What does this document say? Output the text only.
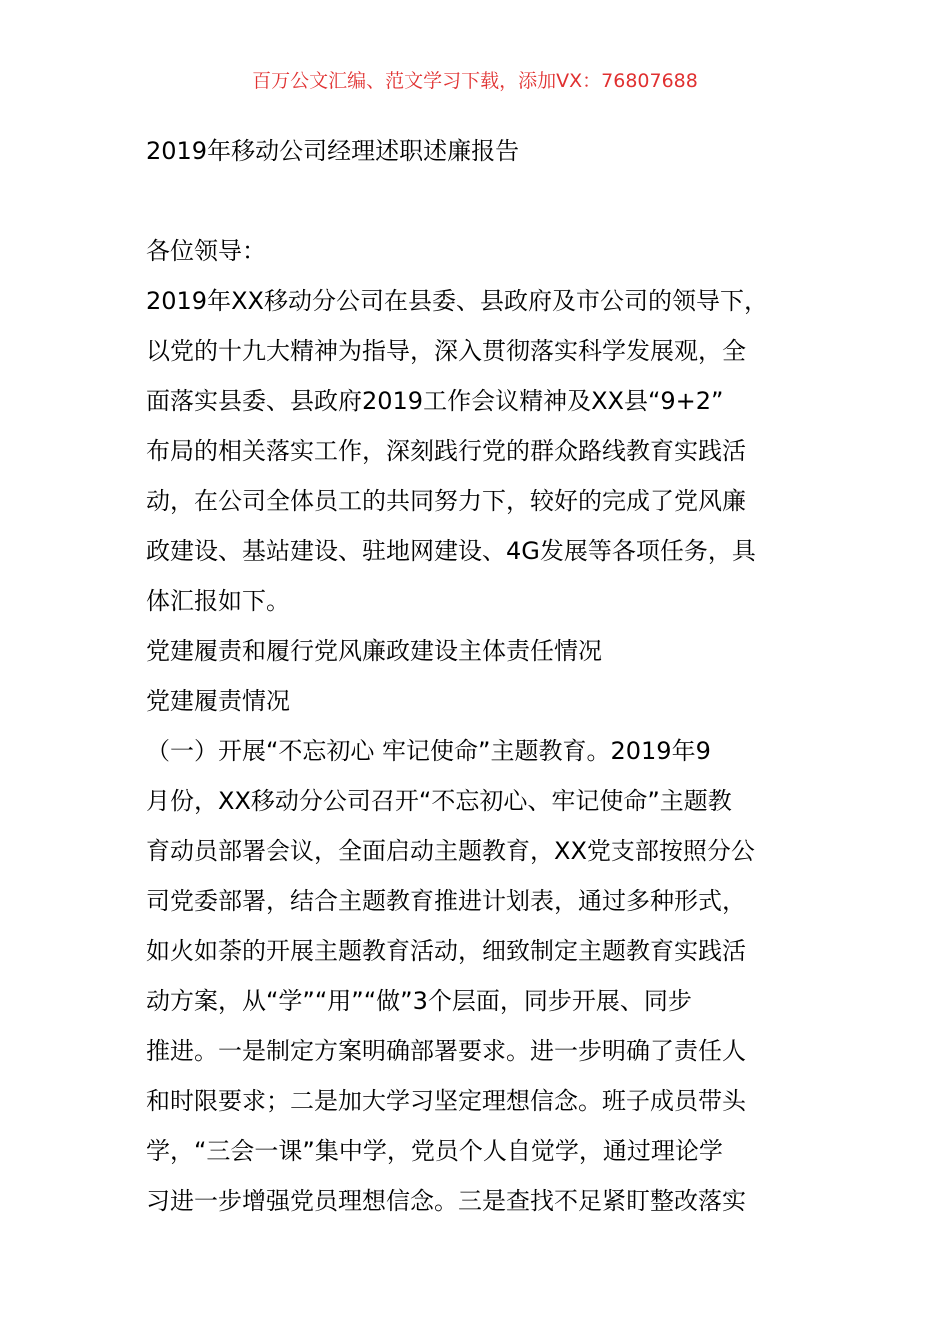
百万公文汇编、范文学习下载，添加VX：76807688
2019年移动公司经理述职述廉报告
各位领导：
2019年XX移动分公司在县委、县政府及市公司的领导下，
以党的十九大精神为指导，深入贯彻落实科学发展观，全
面落实县委、县政府2019工作会议精神及XX县“9+2”
布局的相关落实工作，深刻践行党的群众路线教育实践活
动，在公司全体员工的共同努力下，较好的完成了党风廉
政建设、基站建设、驻地网建设、4G发展等各项任务，具
体汇报如下。
党建履责和履行党风廉政建设主体责任情况
党建履责情况
（一）开展“不忘初心 牢记使命”主题教育。2019年9
月份，XX移动分公司召开“不忘初心、牢记使命”主题教
育动员部署会议，全面启动主题教育，XX党支部按照分公
司党委部署，结合主题教育推进计划表，通过多种形式，
如火如荼的开展主题教育活动，细致制定主题教育实践活
动方案，从“学”“用”“做”3个层面，同步开展、同步
推进。一是制定方案明确部署要求。进一步明确了责任人
和时限要求；二是加大学习坚定理想信念。班子成员带头
学，“三会一课”集中学，党员个人自觉学，通过理论学
习进一步增强党员理想信念。三是查找不足紧盯整改落实
